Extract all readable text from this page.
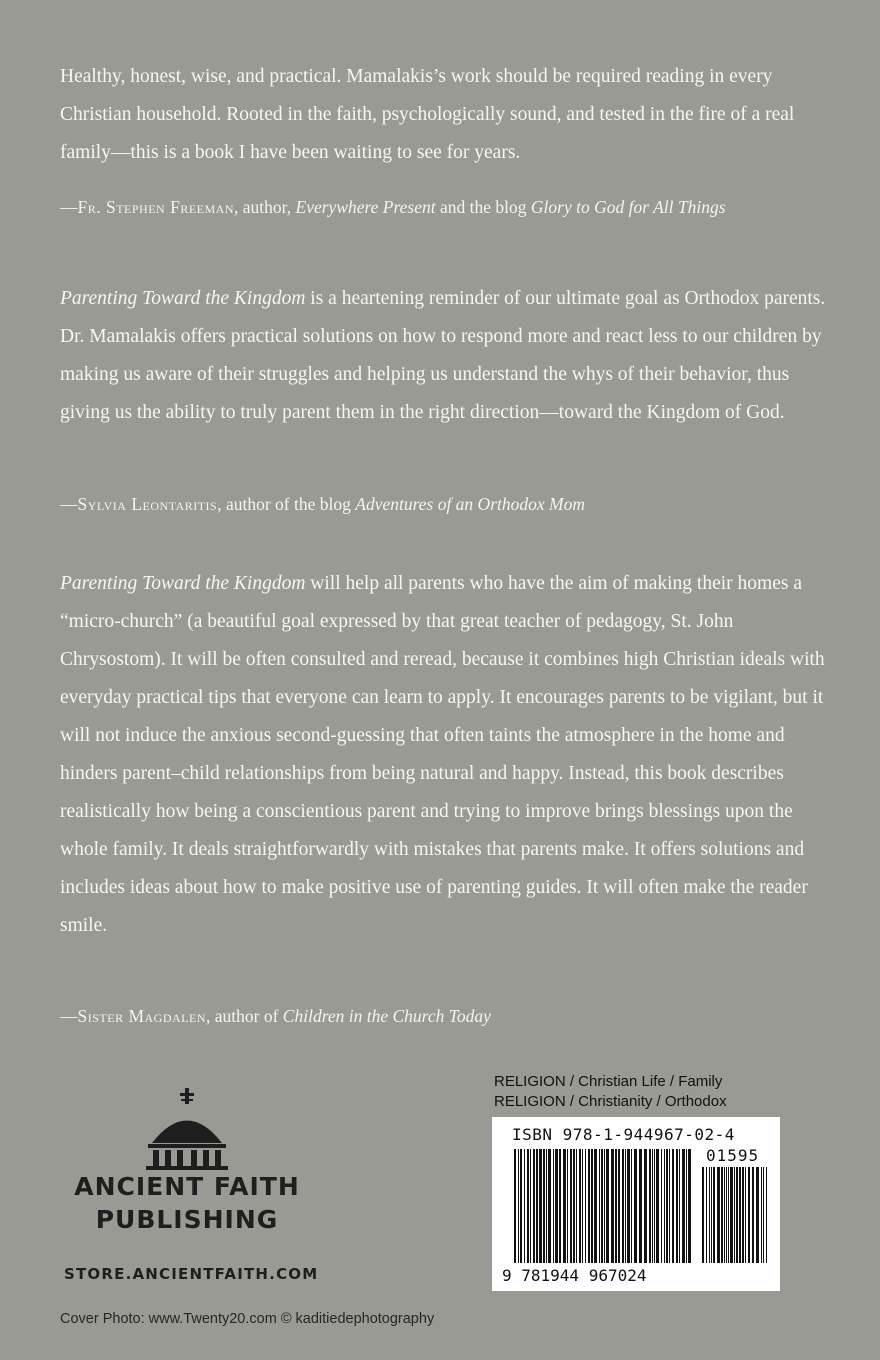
Healthy, honest, wise, and practical. Mamalakis’s work should be required reading in every Christian household. Rooted in the faith, psychologically sound, and tested in the fire of a real family—this is a book I have been waiting to see for years.

—Fr. Stephen Freeman, author, Everywhere Present and the blog Glory to God for All Things

Parenting Toward the Kingdom is a heartening reminder of our ultimate goal as Orthodox parents. Dr. Mamalakis offers practical solutions on how to respond more and react less to our children by making us aware of their struggles and helping us understand the whys of their behavior, thus giving us the ability to truly parent them in the right direction—toward the Kingdom of God.

—Sylvia Leontaritis, author of the blog Adventures of an Orthodox Mom

Parenting Toward the Kingdom will help all parents who have the aim of making their homes a “micro-church” (a beautiful goal expressed by that great teacher of pedagogy, St. John Chrysostom). It will be often consulted and reread, because it combines high Christian ideals with everyday practical tips that everyone can learn to apply. It encourages parents to be vigilant, but it will not induce the anxious second-guessing that often taints the atmosphere in the home and hinders parent–child relationships from being natural and happy. Instead, this book describes realistically how being a conscientious parent and trying to improve brings blessings upon the whole family. It deals straightforwardly with mistakes that parents make. It offers solutions and includes ideas about how to make positive use of parenting guides. It will often make the reader smile.

—Sister Magdalen, author of Children in the Church Today

ANCIENT FAITH
PUBLISHING
STORE.ANCIENTFAITH.COM
RELIGION / Christian Life / Family
RELIGION / Christianity / Orthodox
ISBN 978-1-944967-02-4
01595
9 781944 967024
Cover Photo: www.Twenty20.com © kaditiedephotography
